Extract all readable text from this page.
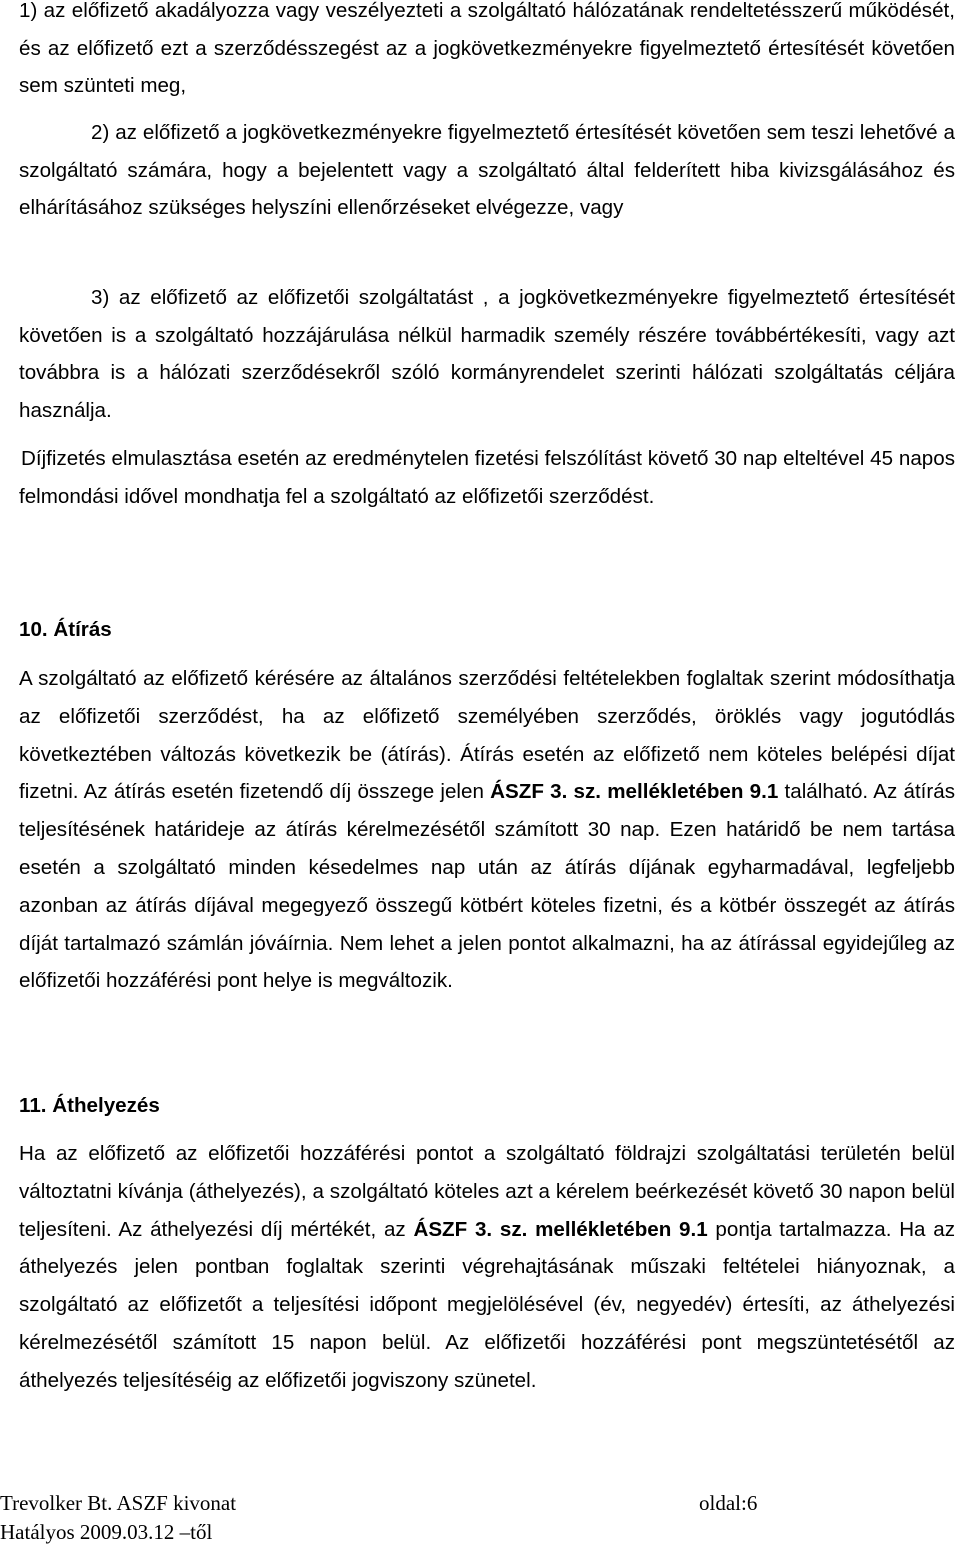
1) az előfizető akadályozza vagy veszélyezteti a szolgáltató hálózatának rendeltetésszerű működését, és az előfizető ezt a szerződésszegést az a jogkövetkezményekre figyelmeztető értesítését követően sem szünteti meg,

2) az előfizető a jogkövetkezményekre figyelmeztető értesítését követően sem teszi lehetővé a szolgáltató számára, hogy a bejelentett vagy a szolgáltató által felderített hiba kivizsgálásához és elhárításához szükséges helyszíni ellenőrzéseket elvégezze, vagy

3) az előfizető az előfizetői szolgáltatást , a jogkövetkezményekre figyelmeztető értesítését követően is a szolgáltató hozzájárulása nélkül harmadik személy részére továbbértékesíti, vagy azt továbbra is a hálózati szerződésekről szóló kormányrendelet szerinti hálózati szolgáltatás céljára használja.

Díjfizetés elmulasztása esetén az eredménytelen fizetési felszólítást követő 30 nap elteltével 45 napos felmondási idővel mondhatja fel a szolgáltató az előfizetői szerződést.

10. Átírás

A szolgáltató az előfizető kérésére az általános szerződési feltételekben foglaltak szerint módosíthatja az előfizetői szerződést, ha az előfizető személyében szerződés, öröklés vagy jogutódlás következtében változás következik be (átírás). Átírás esetén az előfizető nem köteles belépési díjat fizetni. Az átírás esetén fizetendő díj összege jelen ÁSZF 3. sz. mellékletében 9.1 található. Az átírás teljesítésének határideje az átírás kérelmezésétől számított 30 nap. Ezen határidő be nem tartása esetén a szolgáltató minden késedelmes nap után az átírás díjának egyharmadával, legfeljebb azonban az átírás díjával megegyező összegű kötbért köteles fizetni, és a kötbér összegét az átírás díját tartalmazó számlán jóváírnia. Nem lehet a jelen pontot alkalmazni, ha az átírással egyidejűleg az előfizetői hozzáférési pont helye is megváltozik.

11. Áthelyezés

Ha az előfizető az előfizetői hozzáférési pontot a szolgáltató földrajzi szolgáltatási területén belül változtatni kívánja (áthelyezés), a szolgáltató köteles azt a kérelem beérkezését követő 30 napon belül teljesíteni. Az áthelyezési díj mértékét, az ÁSZF 3. sz. mellékletében 9.1 pontja tartalmazza. Ha az áthelyezés jelen pontban foglaltak szerinti végrehajtásának műszaki feltételei hiányoznak, a szolgáltató az előfizetőt a teljesítési időpont megjelölésével (év, negyedév) értesíti, az áthelyezési kérelmezésétől számított 15 napon belül. Az előfizetői hozzáférési pont megszüntetésétől az áthelyezés teljesítéséig az előfizetői jogviszony szünetel.

Trevolker Bt. ASZF kivonat	oldal:6
Hatályos 2009.03.12 –től
